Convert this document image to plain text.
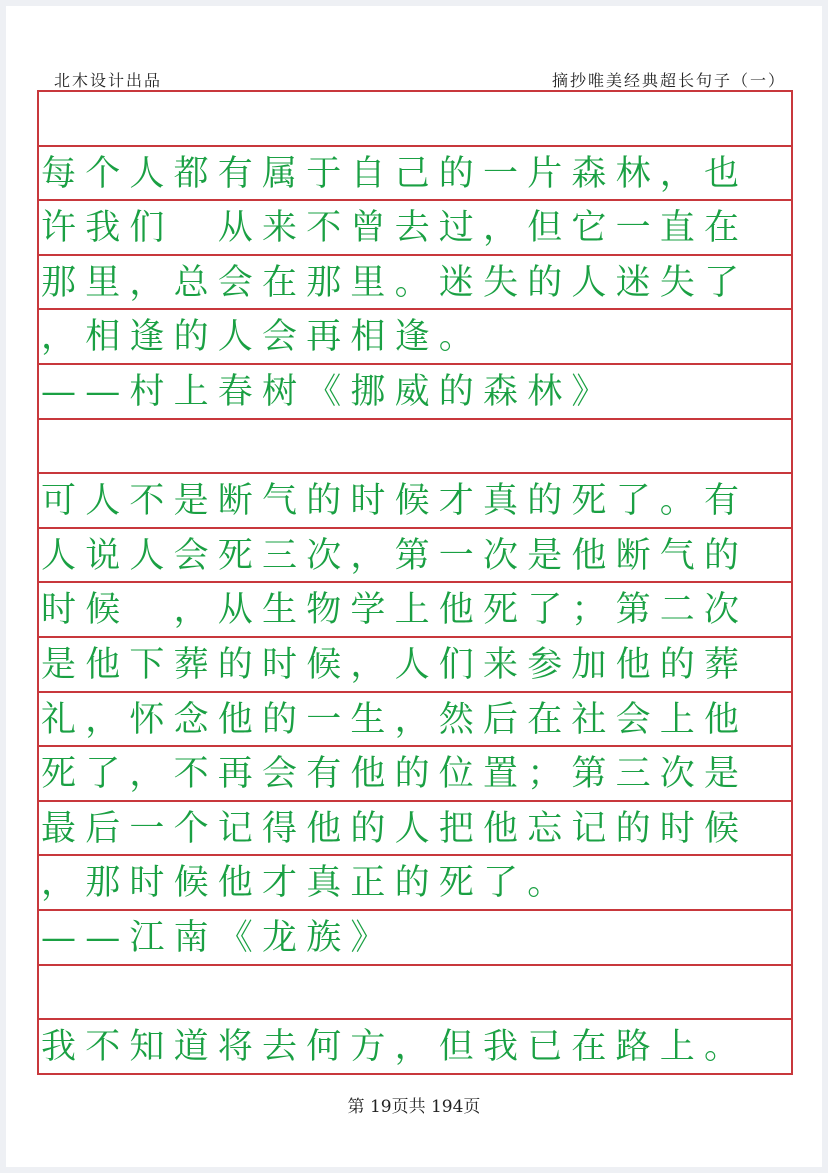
北木设计出品	摘抄唯美经典超长句子（一）
每个人都有属于自己的一片森林，也
许我们　从来不曾去过，但它一直在
那里，总会在那里。迷失的人迷失了
，相逢的人会再相逢。
——村上春树《挪威的森林》
可人不是断气的时候才真的死了。有
人说人会死三次，第一次是他断气的
时候　，从生物学上他死了；第二次
是他下葬的时候，人们来参加他的葬
礼，怀念他的一生，然后在社会上他
死了，不再会有他的位置；第三次是
最后一个记得他的人把他忘记的时候
，那时候他才真正的死了。
——江南《龙族》
我不知道将去何方，但我已在路上。
第 19页共 194页
